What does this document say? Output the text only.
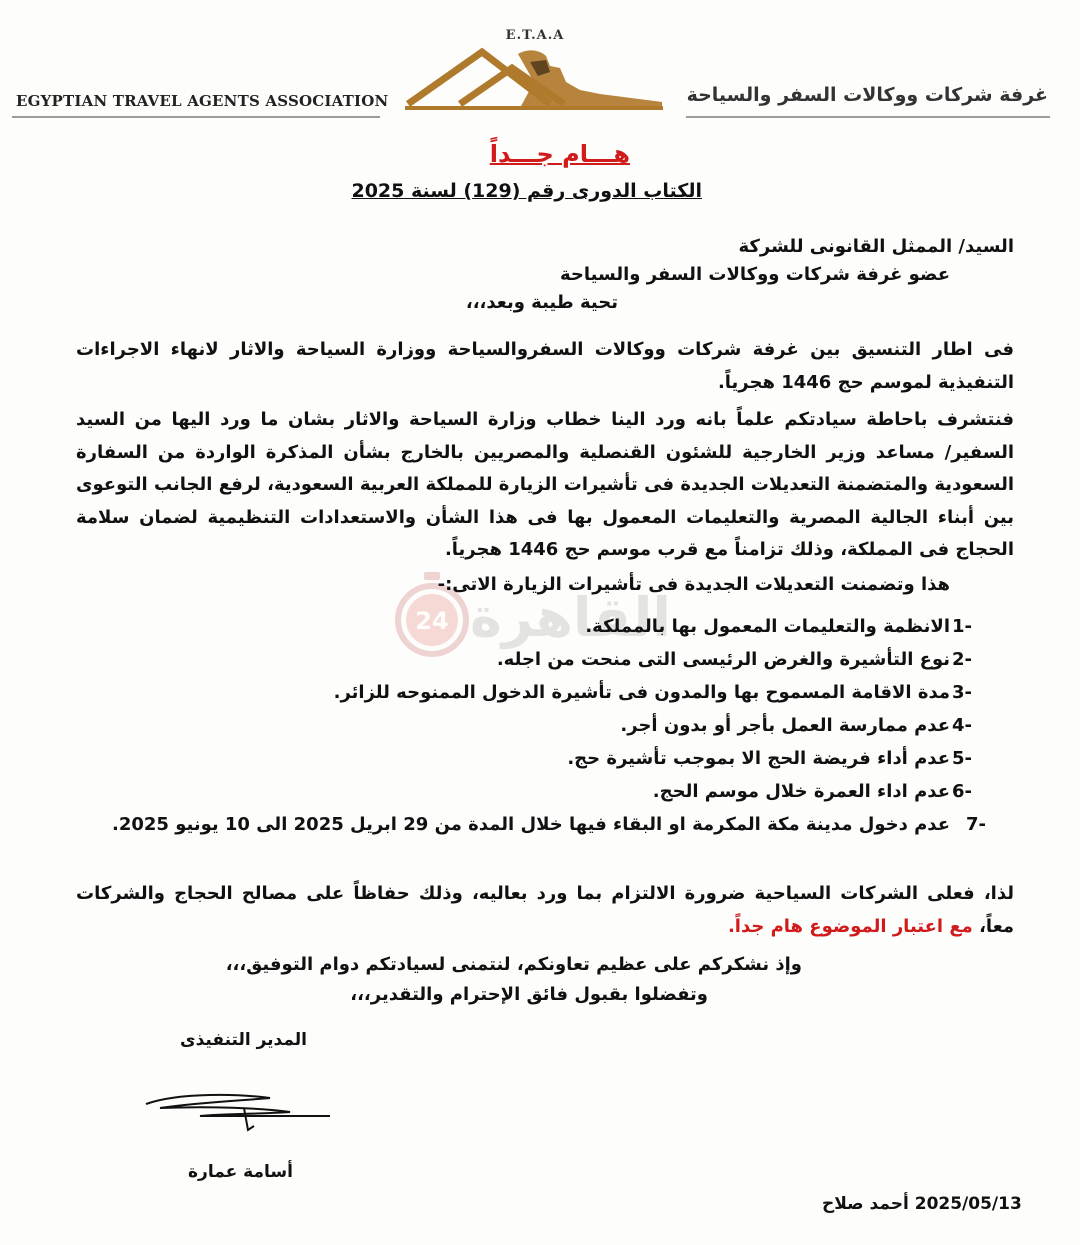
EGYPTIAN TRAVEL AGENTS ASSOCIATION	غرفة شركات ووكالات السفر والسياحة
E.T.A.A
هـــام جـــداً
الكتاب الدورى رقم (129) لسنة 2025
السيد/ الممثل القانونى للشركة
عضو غرفة شركات ووكالات السفر والسياحة
تحية طيبة وبعد،،،
24 القاهرة
فى اطار التنسيق بين غرفة شركات ووكالات السفروالسياحة ووزارة السياحة والاثار لانهاء الاجراءات التنفيذية لموسم حج 1446 هجرياً.
فنتشرف باحاطة سيادتكم علماً بانه ورد الينا خطاب وزارة السياحة والاثار بشان ما ورد اليها من السيد السفير/ مساعد وزير الخارجية للشئون القنصلية والمصريين بالخارج بشأن المذكرة الواردة من السفارة السعودية والمتضمنة التعديلات الجديدة فى تأشيرات الزيارة للمملكة العربية السعودية، لرفع الجانب التوعوى بين أبناء الجالية المصرية والتعليمات المعمول بها فى هذا الشأن والاستعدادات التنظيمية لضمان سلامة الحجاج فى المملكة، وذلك تزامناً مع قرب موسم حج 1446 هجرياً.
هذا وتضمنت التعديلات الجديدة فى تأشيرات الزيارة الاتى:-
1-
الانظمة والتعليمات المعمول بها بالمملكة.
2-
نوع التأشيرة والغرض الرئيسى التى منحت من اجله.
3-
مدة الاقامة المسموح بها والمدون فى تأشيرة الدخول الممنوحه للزائر.
4-
عدم ممارسة العمل بأجر أو بدون أجر.
5-
عدم أداء فريضة الحج الا بموجب تأشيرة حج.
6-
عدم اداء العمرة خلال موسم الحج.
7-
عدم دخول مدينة مكة المكرمة او البقاء فيها خلال المدة من 29 ابريل 2025 الى 10 يونيو 2025.
لذا، فعلى الشركات السياحية ضرورة الالتزام بما ورد بعاليه، وذلك حفاظاً على مصالح الحجاج والشركات معاً، مع اعتبار الموضوع هام جداً.
وإذ نشكركم على عظيم تعاونكم، لنتمنى لسيادتكم دوام التوفيق،،،
وتفضلوا بقبول فائق الإحترام والتقدير،،،
المدير التنفيذى
أسامة عمارة
2025/05/13 أحمد صلاح
